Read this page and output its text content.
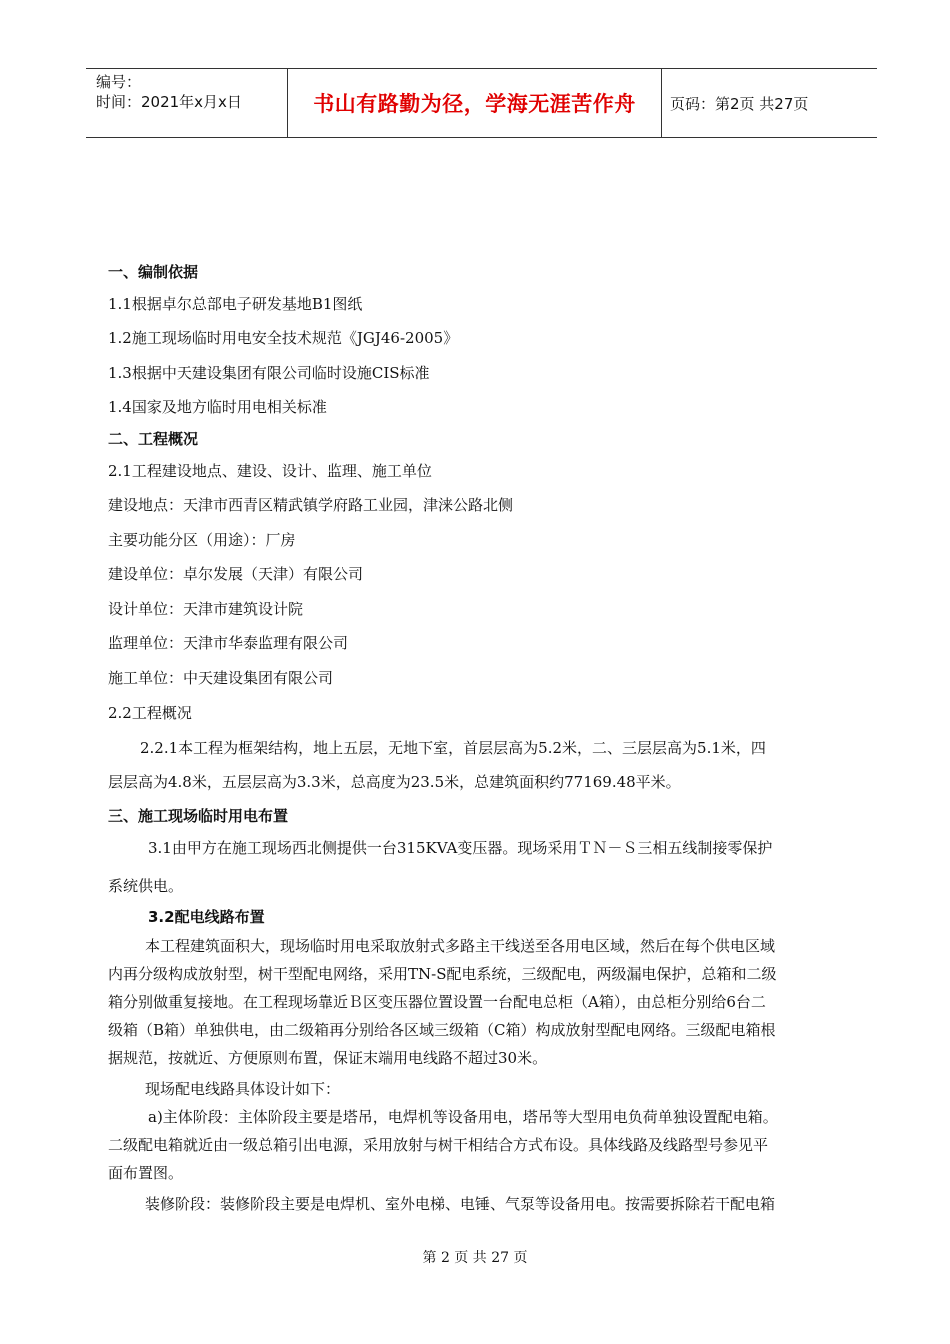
编号：
时间：2021年x月x日	书山有路勤为径，学海无涯苦作舟	页码：第2页 共27页
一、编制依据
1.1根据卓尔总部电子研发基地B1图纸
1.2施工现场临时用电安全技术规范《JGJ46-2005》
1.3根据中天建设集团有限公司临时设施CIS标准
1.4国家及地方临时用电相关标准
二、工程概况
2.1工程建设地点、建设、设计、监理、施工单位
建设地点：天津市西青区精武镇学府路工业园，津涞公路北侧
主要功能分区（用途）：厂房
建设单位：卓尔发展（天津）有限公司
设计单位：天津市建筑设计院
监理单位：天津市华泰监理有限公司
施工单位：中天建设集团有限公司
2.2工程概况
2.2.1本工程为框架结构，地上五层，无地下室，首层层高为5.2米，二、三层层高为5.1米，四
层层高为4.8米，五层层高为3.3米，总高度为23.5米，总建筑面积约77169.48平米。
三、施工现场临时用电布置
3.1由甲方在施工现场西北侧提供一台315KVA变压器。现场采用ＴＮ－Ｓ三相五线制接零保护
系统供电。
3.2配电线路布置
本工程建筑面积大，现场临时用电采取放射式多路主干线送至各用电区域，然后在每个供电区域
内再分级构成放射型，树干型配电网络，采用TN-S配电系统，三级配电，两级漏电保护，总箱和二级
箱分别做重复接地。在工程现场靠近Ｂ区变压器位置设置一台配电总柜（A箱），由总柜分别给6台二
级箱（B箱）单独供电，由二级箱再分别给各区域三级箱（C箱）构成放射型配电网络。三级配电箱根
据规范，按就近、方便原则布置，保证末端用电线路不超过30米。
现场配电线路具体设计如下：
a)主体阶段：主体阶段主要是塔吊，电焊机等设备用电，塔吊等大型用电负荷单独设置配电箱。
二级配电箱就近由一级总箱引出电源，采用放射与树干相结合方式布设。具体线路及线路型号参见平
面布置图。
装修阶段：装修阶段主要是电焊机、室外电梯、电锤、气泵等设备用电。按需要拆除若干配电箱
第 2 页 共 27 页
